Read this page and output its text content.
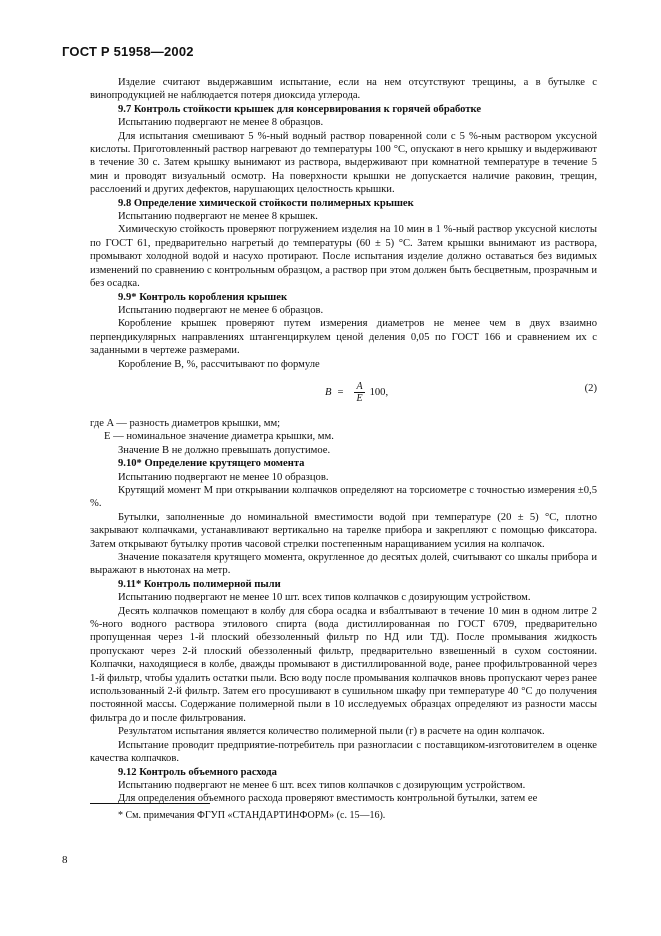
ГОСТ Р 51958—2002

Изделие считают выдержавшим испытание, если на нем отсутствуют трещины, а в бутылке с винопродукцией не наблюдается потеря диоксида углерода.

9.7 Контроль стойкости крышек для консервирования к горячей обработке

Испытанию подвергают не менее 8 образцов.

Для испытания смешивают 5 %-ный водный раствор поваренной соли с 5 %-ным раствором уксусной кислоты. Приготовленный раствор нагревают до температуры 100 °С, опускают в него крышку и выдерживают в течение 30 с. Затем крышку вынимают из раствора, выдерживают при комнатной температуре в течение 5 мин и проводят визуальный осмотр. На поверхности крышки не допускается наличие раковин, трещин, расслоений и других дефектов, нарушающих целостность крышки.

9.8 Определение химической стойкости полимерных крышек

Испытанию подвергают не менее 8 крышек.

Химическую стойкость проверяют погружением изделия на 10 мин в 1 %-ный раствор уксусной кислоты по ГОСТ 61, предварительно нагретый до температуры (60 ± 5) °С. Затем крышки вынимают из раствора, промывают холодной водой и насухо протирают. После испытания изделие должно оставаться без видимых изменений по сравнению с контрольным образцом, а раствор при этом должен быть бесцветным, прозрачным и без осадка.

9.9* Контроль коробления крышек

Испытанию подвергают не менее 6 образцов.

Коробление крышек проверяют путем измерения диаметров не менее чем в двух взаимно перпендикулярных направлениях штангенциркулем ценой деления 0,05 по ГОСТ 166 и сравнением их с заданными в чертеже размерами.

Коробление B, %, рассчитывают по формуле

$B = \frac{A}{E} 100$,	(2)

где A — разность диаметров крышки, мм;

E — номинальное значение диаметра крышки, мм.

Значение B не должно превышать допустимое.

9.10* Определение крутящего момента

Испытанию подвергают не менее 10 образцов.

Крутящий момент M при открывании колпачков определяют на торсиометре с точностью измерения ±0,5 %.

Бутылки, заполненные до номинальной вместимости водой при температуре (20 ± 5) °С, плотно закрывают колпачками, устанавливают вертикально на тарелке прибора и закрепляют с помощью фиксатора. Затем открывают бутылку против часовой стрелки постепенным наращиванием усилия на колпачок.

Значение показателя крутящего момента, округленное до десятых долей, считывают со шкалы прибора и выражают в ньютонах на метр.

9.11* Контроль полимерной пыли

Испытанию подвергают не менее 10 шт. всех типов колпачков с дозирующим устройством.

Десять колпачков помещают в колбу для сбора осадка и взбалтывают в течение 10 мин в одном литре 2 %-ного водного раствора этилового спирта (вода дистиллированная по ГОСТ 6709, предварительно пропущенная через 1-й плоский обеззоленный фильтр по НД или ТД). После промывания жидкость пропускают через 2-й плоский обеззоленный фильтр, предварительно взвешенный в сухом состоянии. Колпачки, находящиеся в колбе, дважды промывают в дистиллированной воде, ранее профильтрованной через 1-й фильтр, чтобы удалить остатки пыли. Всю воду после промывания колпачков вновь пропускают через ранее использованный 2-й фильтр. Затем его просушивают в сушильном шкафу при температуре 40 °С до получения постоянной массы. Содержание полимерной пыли в 10 исследуемых образцах определяют из разности массы фильтра до и после фильтрования.

Результатом испытания является количество полимерной пыли (г) в расчете на один колпачок.

Испытание проводит предприятие-потребитель при разногласии с поставщиком-изготовителем в оценке качества колпачков.

9.12 Контроль объемного расхода

Испытанию подвергают не менее 6 шт. всех типов колпачков с дозирующим устройством.

Для определения объемного расхода проверяют вместимость контрольной бутылки, затем ее

* См. примечания ФГУП «СТАНДАРТИНФОРМ» (с. 15—16).
8
